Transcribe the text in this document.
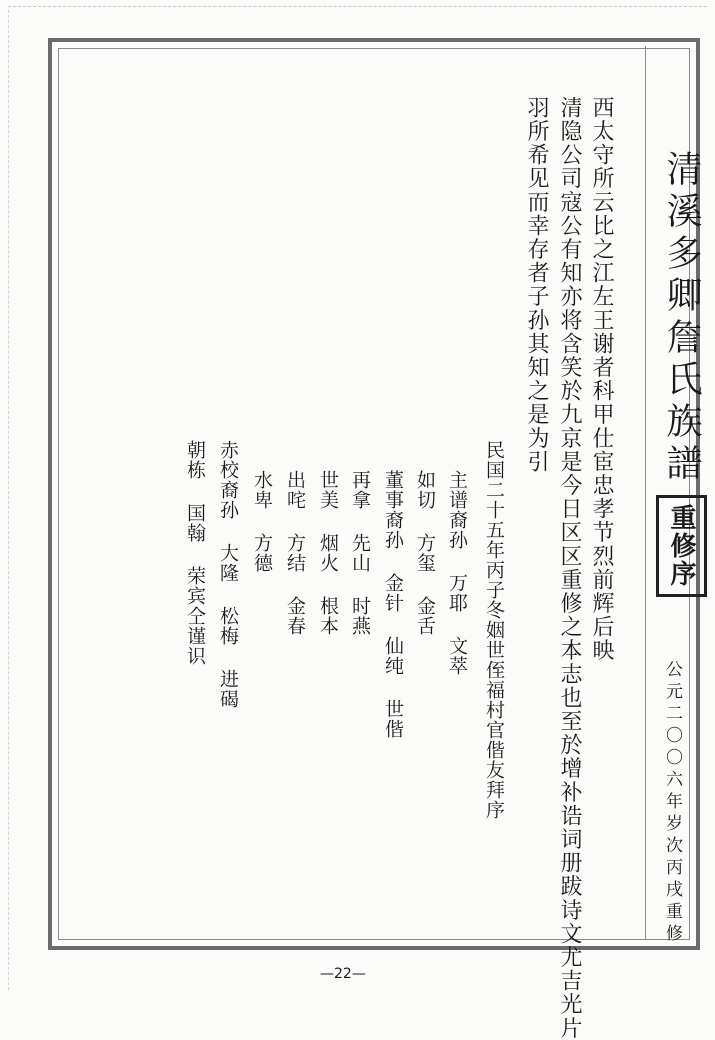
清溪多卿詹氏族譜
重修序
公元二〇〇六年岁次丙戌重修
西太守所云比之江左王谢者科甲仕宦忠孝节烈前辉后映
清隐公司寇公有知亦将含笑於九京是今日区区重修之本志也至於增补诰词册跋诗文尤吉光片
羽所希见而幸存者子孙其知之是为引
民国二十五年丙子冬姻世侄福村官偕友拜序
主谱裔孙 万耶 文萃
如切 方玺 金舌
董事裔孙 金针 仙纯 世偕
再拿 先山 时燕
世美 烟火 根本
出咤 方结 金春
水卑 方德
赤校裔孙 大隆 松梅 进碣
朝栋 国翰 荣宾仝谨识
—22—
